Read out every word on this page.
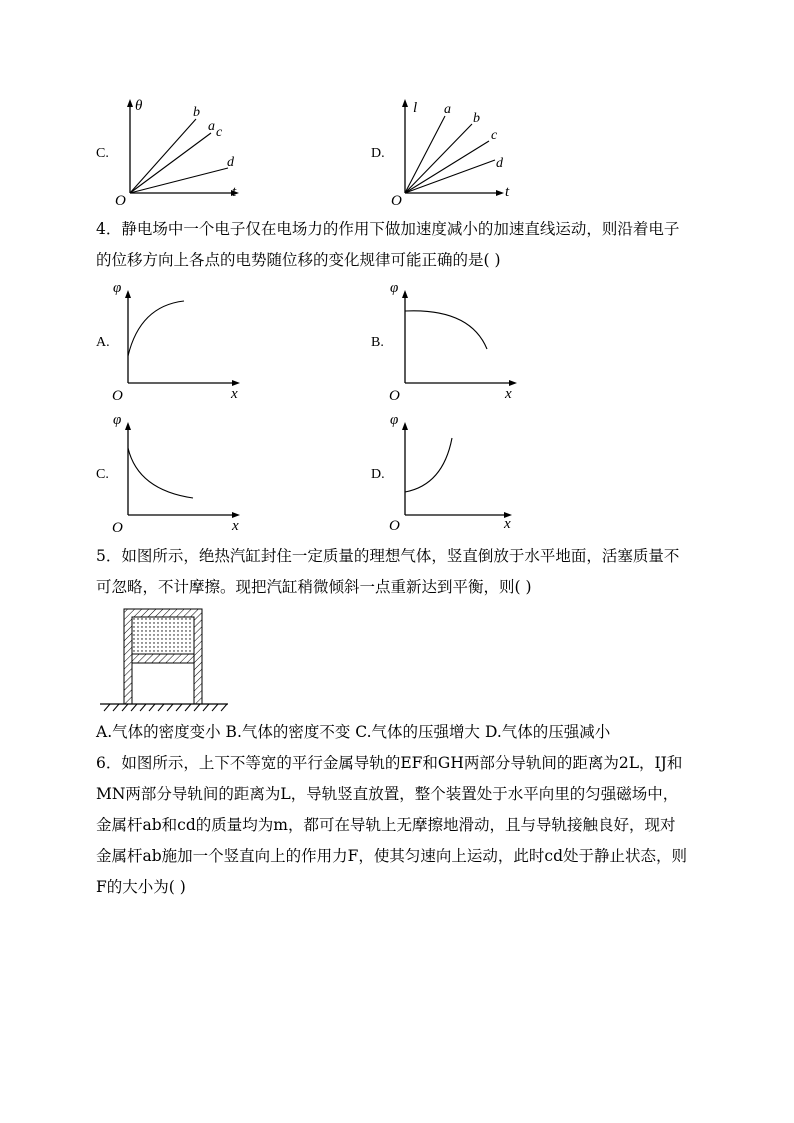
C.
θ
t
O
b
a c
d
D.
l
t
O
a
b
c
d

4．静电场中一个电子仅在电场力的作用下做加速度减小的加速直线运动，则沿着电子

的位移方向上各点的电势随位移的变化规律可能正确的是( )

A.
φ
x
O
B.
φ
x
O
C.
φ
x
O
D.
φ
x
O

5．如图所示，绝热汽缸封住一定质量的理想气体，竖直倒放于水平地面，活塞质量不

可忽略，不计摩擦。现把汽缸稍微倾斜一点重新达到平衡，则( )

A.气体的密度变小 B.气体的密度不变 C.气体的压强增大 D.气体的压强减小

6．如图所示，上下不等宽的平行金属导轨的EF和GH两部分导轨间的距离为2L，IJ和

MN两部分导轨间的距离为L，导轨竖直放置，整个装置处于水平向里的匀强磁场中，

金属杆ab和cd的质量均为m，都可在导轨上无摩擦地滑动，且与导轨接触良好，现对

金属杆ab施加一个竖直向上的作用力F，使其匀速向上运动，此时cd处于静止状态，则

F的大小为( )
